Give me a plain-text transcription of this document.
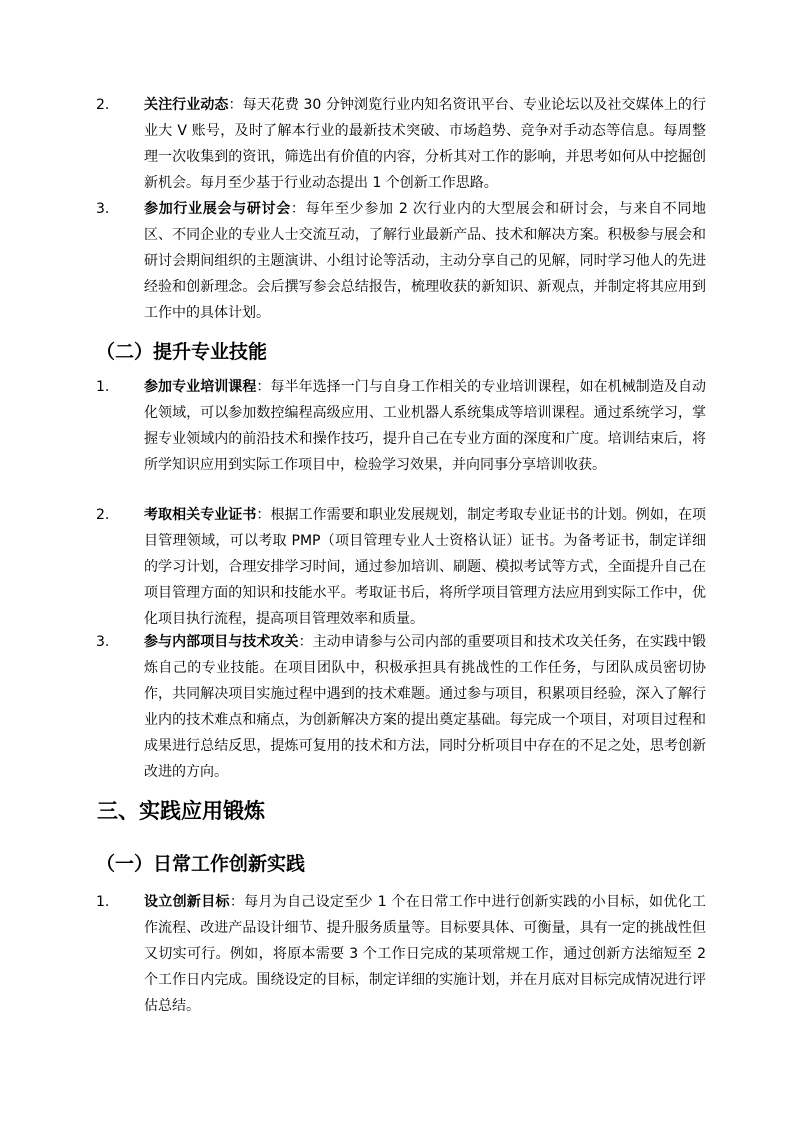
2. 关注行业动态：每天花费 30 分钟浏览行业内知名资讯平台、专业论坛以及社交媒体上的行业大 V 账号，及时了解本行业的最新技术突破、市场趋势、竞争对手动态等信息。每周整理一次收集到的资讯，筛选出有价值的内容，分析其对工作的影响，并思考如何从中挖掘创新机会。每月至少基于行业动态提出 1 个创新工作思路。
3. 参加行业展会与研讨会：每年至少参加 2 次行业内的大型展会和研讨会，与来自不同地区、不同企业的专业人士交流互动，了解行业最新产品、技术和解决方案。积极参与展会和研讨会期间组织的主题演讲、小组讨论等活动，主动分享自己的见解，同时学习他人的先进经验和创新理念。会后撰写参会总结报告，梳理收获的新知识、新观点，并制定将其应用到工作中的具体计划。
（二）提升专业技能
1. 参加专业培训课程：每半年选择一门与自身工作相关的专业培训课程，如在机械制造及自动化领域，可以参加数控编程高级应用、工业机器人系统集成等培训课程。通过系统学习，掌握专业领域内的前沿技术和操作技巧，提升自己在专业方面的深度和广度。培训结束后，将所学知识应用到实际工作项目中，检验学习效果，并向同事分享培训收获。
2. 考取相关专业证书：根据工作需要和职业发展规划，制定考取专业证书的计划。例如，在项目管理领域，可以考取 PMP（项目管理专业人士资格认证）证书。为备考证书，制定详细的学习计划，合理安排学习时间，通过参加培训、刷题、模拟考试等方式，全面提升自己在项目管理方面的知识和技能水平。考取证书后，将所学项目管理方法应用到实际工作中，优化项目执行流程，提高项目管理效率和质量。
3. 参与内部项目与技术攻关：主动申请参与公司内部的重要项目和技术攻关任务，在实践中锻炼自己的专业技能。在项目团队中，积极承担具有挑战性的工作任务，与团队成员密切协作，共同解决项目实施过程中遇到的技术难题。通过参与项目，积累项目经验，深入了解行业内的技术难点和痛点，为创新解决方案的提出奠定基础。每完成一个项目，对项目过程和成果进行总结反思，提炼可复用的技术和方法，同时分析项目中存在的不足之处，思考创新改进的方向。
三、实践应用锻炼
（一）日常工作创新实践
1. 设立创新目标：每月为自己设定至少 1 个在日常工作中进行创新实践的小目标，如优化工作流程、改进产品设计细节、提升服务质量等。目标要具体、可衡量，具有一定的挑战性但又切实可行。例如，将原本需要 3 个工作日完成的某项常规工作，通过创新方法缩短至 2 个工作日内完成。围绕设定的目标，制定详细的实施计划，并在月底对目标完成情况进行评估总结。
